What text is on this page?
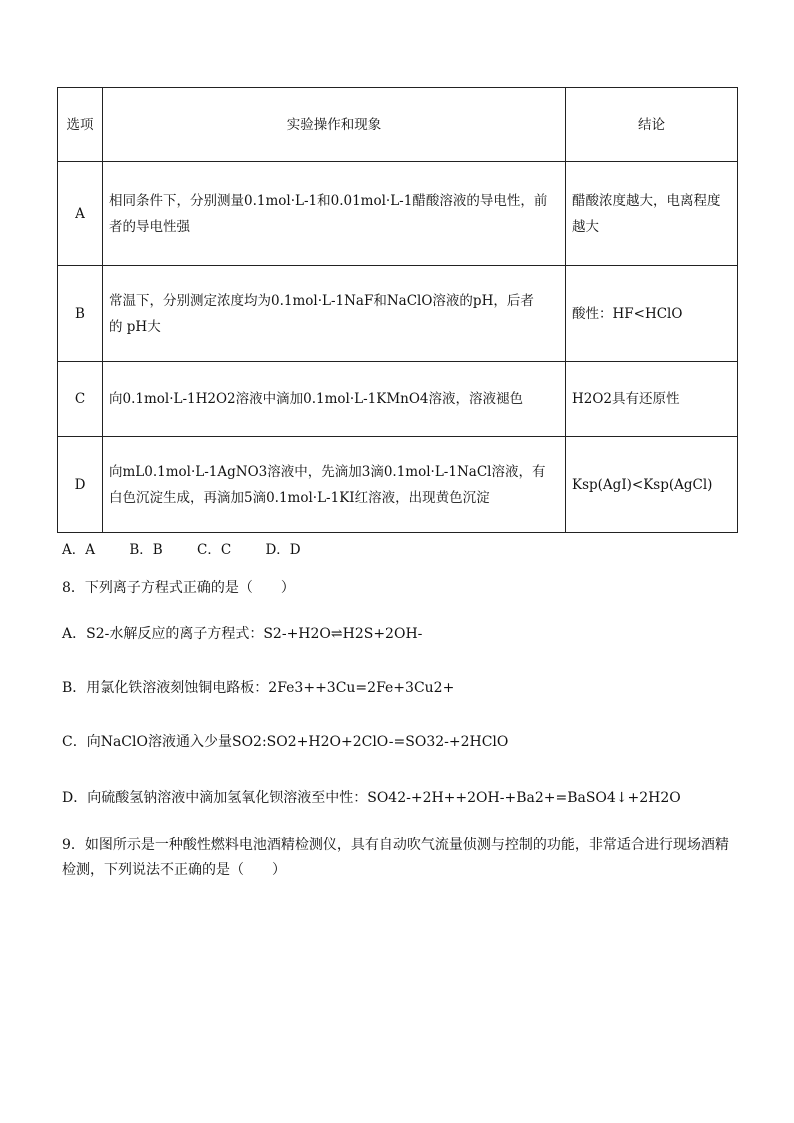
选项	实验操作和现象	结论
A	相同条件下，分别测量0.1mol·L-1和0.01mol·L-1醋酸溶液的导电性，前
者的导电性强	醋酸浓度越大，电离程度越大
B	常温下，分别测定浓度均为0.1mol·L-1NaF和NaClO溶液的pH，后者
的 pH大	酸性：HF<HClO
C	向0.1mol·L-1H2O2溶液中滴加0.1mol·L-1KMnO4溶液，溶液褪色	H2O2具有还原性
D	向mL0.1mol·L-1AgNO3溶液中，先滴加3滴0.1mol·L-1NaCl溶液，有
白色沉淀生成，再滴加5滴0.1mol·L-1KI红溶液，出现黄色沉淀	Ksp(AgI)<Ksp(AgCl)
A．A        B．B        C．C        D．D
8．下列离子方程式正确的是（　　）
A．S2-水解反应的离子方程式：S2-+H2O⇌H2S+2OH-
B．用氯化铁溶液刻蚀铜电路板：2Fe3++3Cu=2Fe+3Cu2+
C．向NaClO溶液通入少量SO2:SO2+H2O+2ClO-=SO32-+2HClO
D．向硫酸氢钠溶液中滴加氢氧化钡溶液至中性：SO42-+2H++2OH-+Ba2+=BaSO4↓+2H2O
9．如图所示是一种酸性燃料电池酒精检测仪，具有自动吹气流量侦测与控制的功能，非常适合进行现场酒精检测，下列说法不正确的是（　　）
